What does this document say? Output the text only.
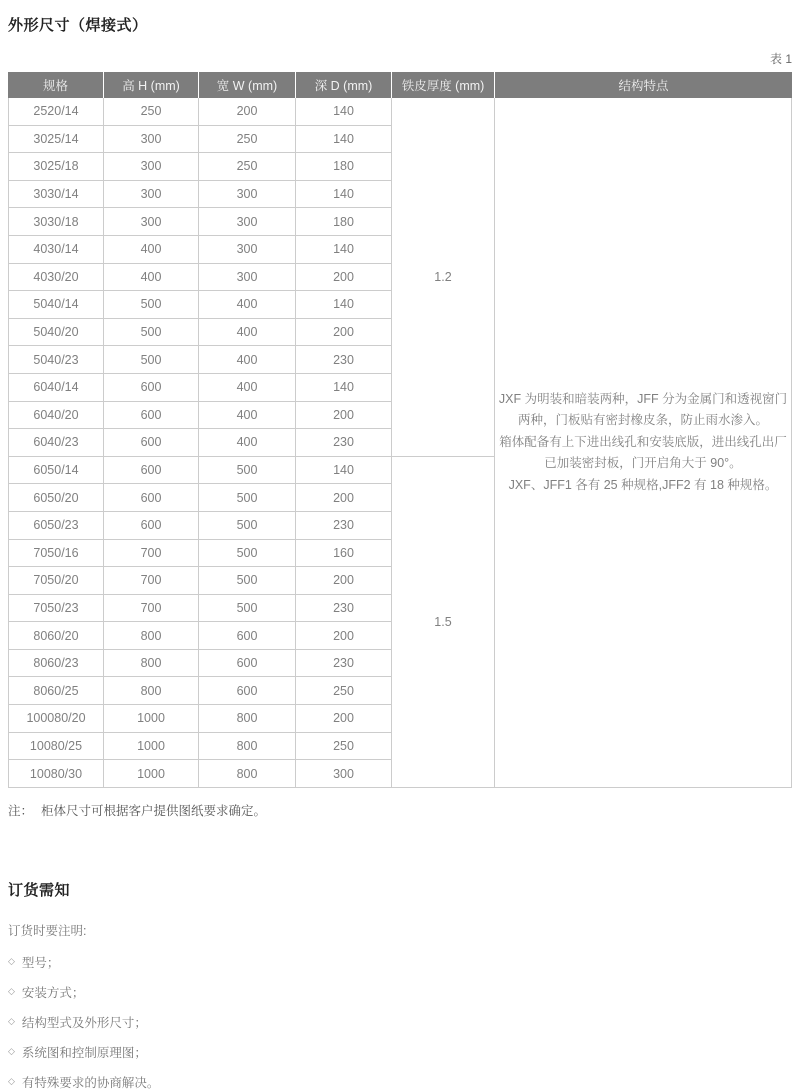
外形尺寸（焊接式）
表 1
规格	高 H (mm)	宽 W (mm)	深 D (mm)	铁皮厚度 (mm)	结构特点
2520/14	250	200	140	1.2	JXF 为明装和暗装两种，JFF 分为金属门和透视窗门两种，门板贴有密封橡皮条，防止雨水渗入。

箱体配备有上下进出线孔和安装底版，进出线孔出厂已加装密封板，门开启角大于 90°。

JXF、JFF1 各有 25 种规格,JFF2 有 18 种规格。

3025/14	300	250	140		
3025/18	300	250	180		
3030/14	300	300	140		
3030/18	300	300	180		
4030/14	400	300	140		
4030/20	400	300	200		
5040/14	500	400	140		
5040/20	500	400	200		
5040/23	500	400	230		
6040/14	600	400	140		
6040/20	600	400	200		
6040/23	600	400	230		
6050/14	600	500	140	1.5	
6050/20	600	500	200		
6050/23	600	500	230		
7050/16	700	500	160		
7050/20	700	500	200		
7050/23	700	500	230		
8060/20	800	600	200		
8060/23	800	600	230		
8060/25	800	600	250		
100080/20	1000	800	200		
10080/25	1000	800	250		
10080/30	1000	800	300		

注： 柜体尺寸可根据客户提供图纸要求确定。

订货需知

订货时要注明:

◇ 型号；
◇ 安装方式；
◇ 结构型式及外形尺寸；
◇ 系统图和控制原理图；
◇ 有特殊要求的协商解决。
